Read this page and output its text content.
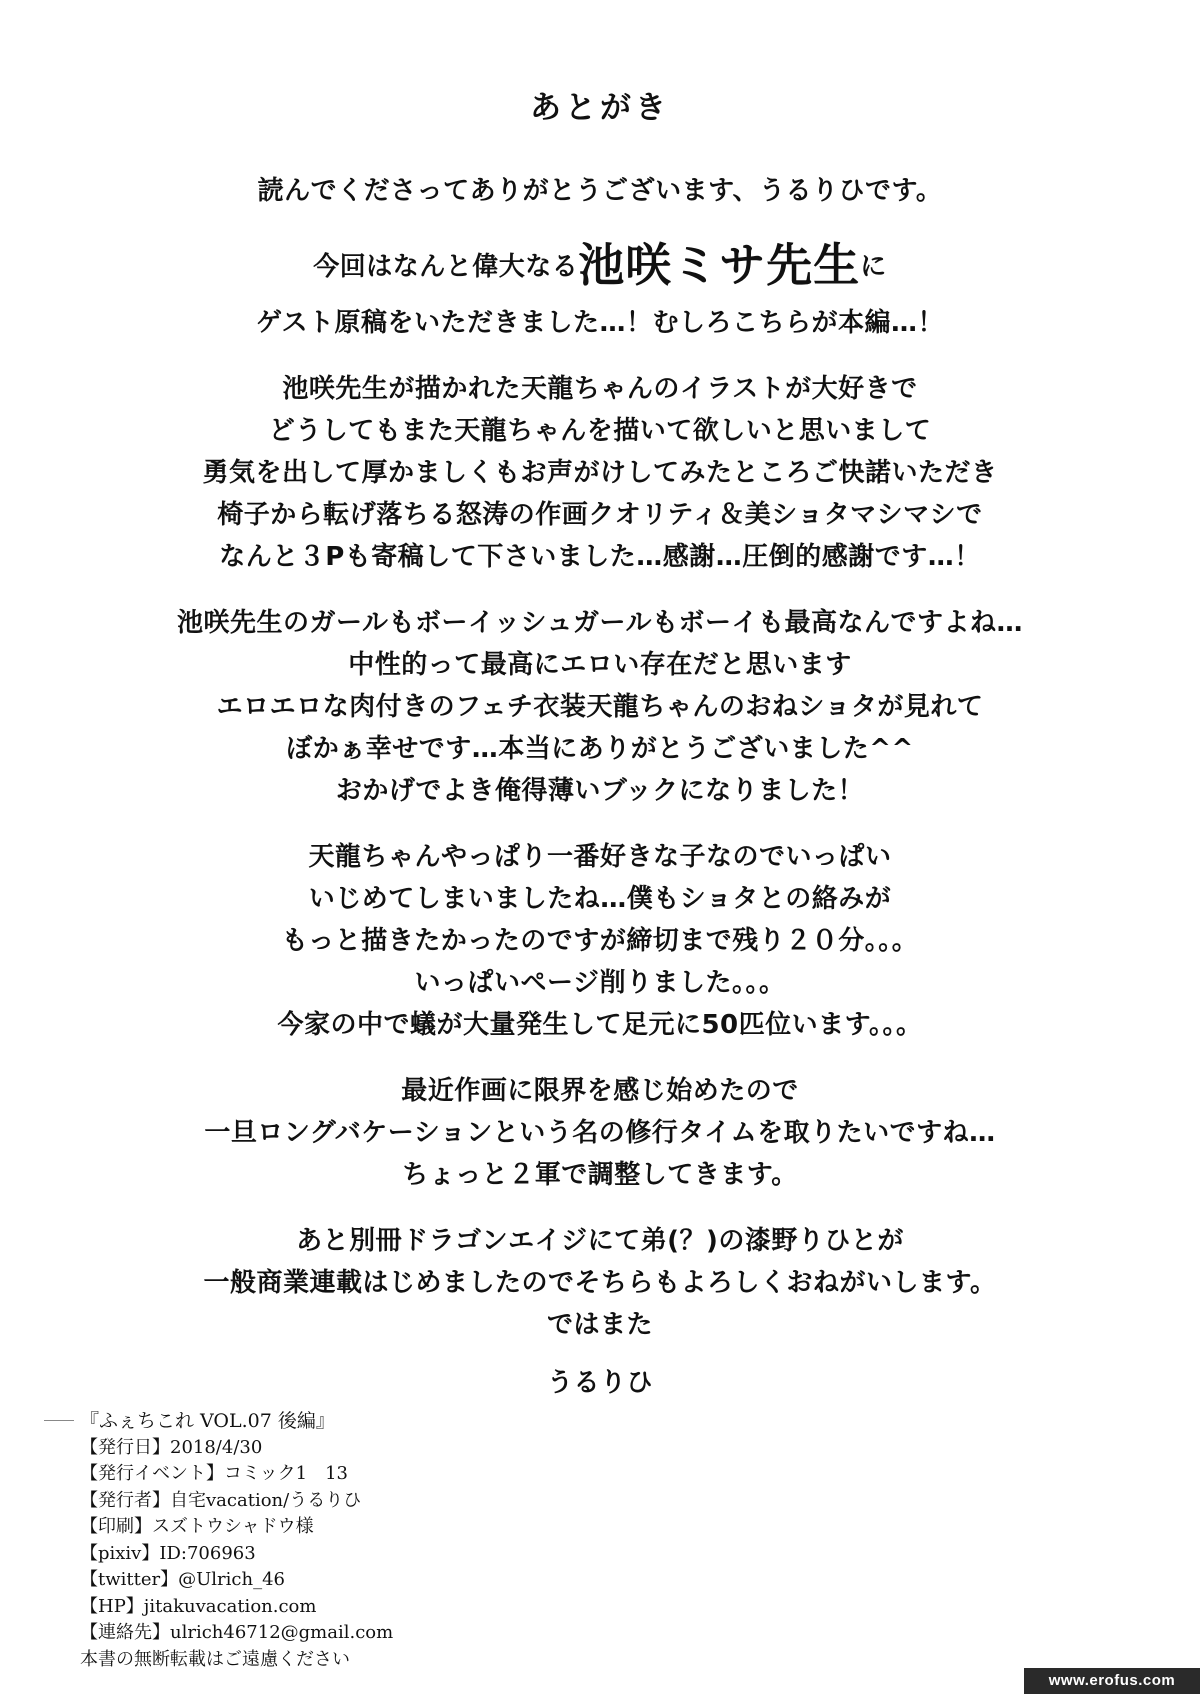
あとがき
読んでくださってありがとうございます、うるりひです。
今回はなんと偉大なる池咲ミサ先生に
ゲスト原稿をいただきました…！むしろこちらが本編…！
池咲先生が描かれた天龍ちゃんのイラストが大好きで
どうしてもまた天龍ちゃんを描いて欲しいと思いまして
勇気を出して厚かましくもお声がけしてみたところご快諾いただき
椅子から転げ落ちる怒涛の作画クオリティ＆美ショタマシマシで
なんと３Pも寄稿して下さいました…感謝…圧倒的感謝です…！
池咲先生のガールもボーイッシュガールもボーイも最高なんですよね…
中性的って最高にエロい存在だと思います
エロエロな肉付きのフェチ衣装天龍ちゃんのおねショタが見れて
ぼかぁ幸せです…本当にありがとうございました^^
おかげでよき俺得薄いブックになりました！
天龍ちゃんやっぱり一番好きな子なのでいっぱい
いじめてしまいましたね…僕もショタとの絡みが
もっと描きたかったのですが締切まで残り２０分。。。
いっぱいページ削りました。。。
今家の中で蟻が大量発生して足元に50匹位います。。。
最近作画に限界を感じ始めたので
一旦ロングバケーションという名の修行タイムを取りたいですね…
ちょっと２軍で調整してきます。
あと別冊ドラゴンエイジにて弟(？)の漆野りひとが
一般商業連載はじめましたのでそちらもよろしくおねがいします。
ではまた
うるりひ
『ふぇちこれ VOL.07 後編』
【発行日】2018/4/30
【発行イベント】コミック1　13
【発行者】自宅vacation/うるりひ
【印刷】スズトウシャドウ様
【pixiv】ID:706963
【twitter】@Ulrich_46
【HP】jitakuvacation.com
【連絡先】ulrich46712@gmail.com
本書の無断転載はご遠慮ください
www.erofus.com
